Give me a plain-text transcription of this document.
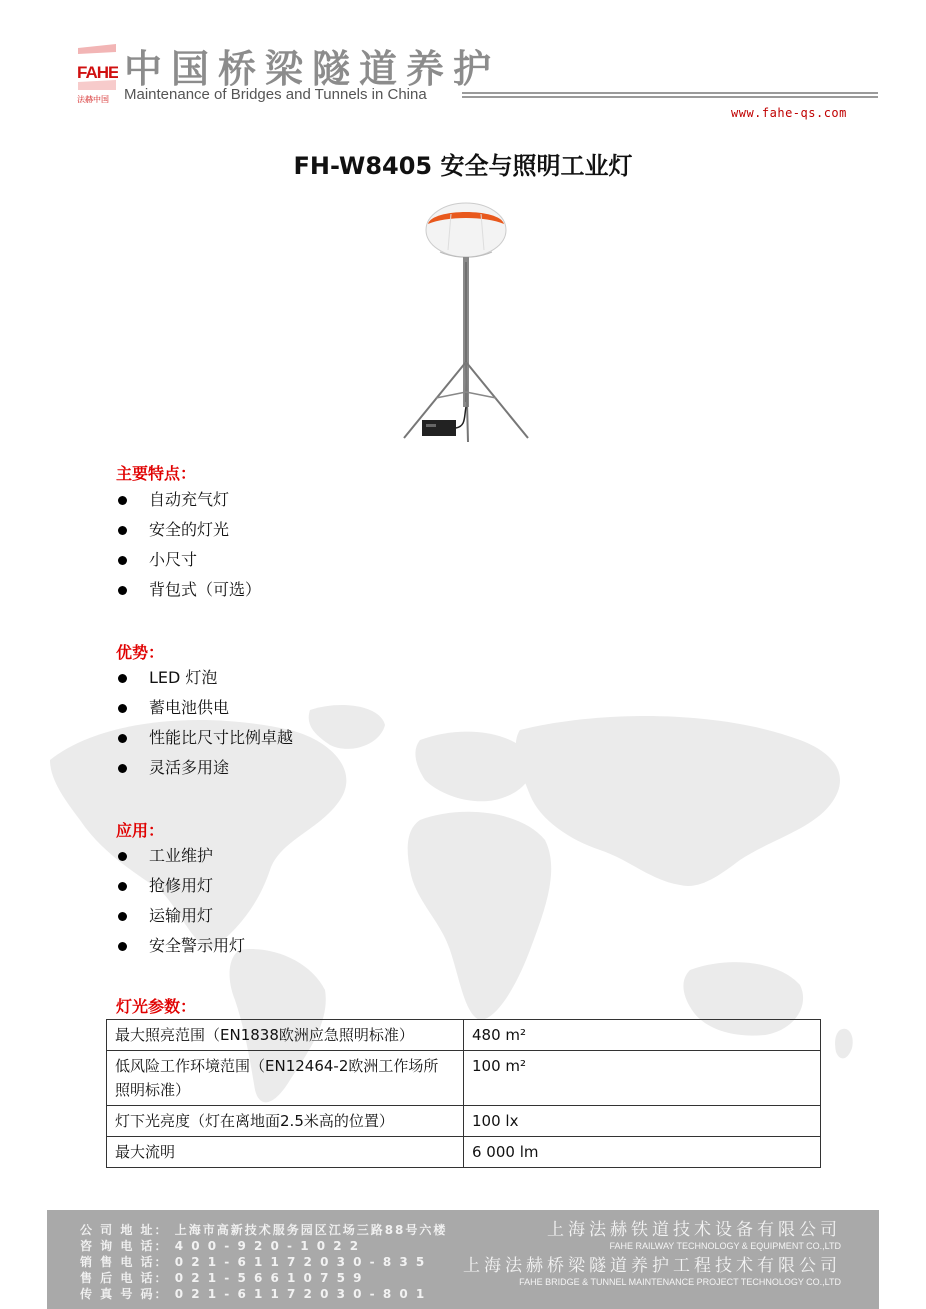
FAHE
法赫中国
中国桥梁隧道养护
Maintenance of Bridges and Tunnels in China
www.fahe-qs.com
FH-W8405 安全与照明工业灯
主要特点：
自动充气灯
安全的灯光
小尺寸
背包式（可选）
优势：
LED 灯泡
蓄电池供电
性能比尺寸比例卓越
灵活多用途
应用：
工业维护
抢修用灯
运输用灯
安全警示用灯
灯光参数：
最大照亮范围（EN1838欧洲应急照明标准）	480 m²
低风险工作环境范围（EN12464-2欧洲工作场所 照明标准）	100 m²
灯下光亮度（灯在离地面2.5米高的位置）	100 lx
最大流明	6 000 lm
公 司 地 址： 上海市高新技术服务园区江场三路88号六楼
咨 询 电 话： 4 0 0 - 9 2 0 - 1 0 2 2
销 售 电 话： 0 2 1 - 6 1 1 7 2 0 3 0 - 8 3 5
售 后 电 话： 0 2 1 - 5 6 6 1 0 7 5 9
传 真 号 码： 0 2 1 - 6 1 1 7 2 0 3 0 - 8 0 1
上海法赫铁道技术设备有限公司
FAHE RAILWAY TECHNOLOGY & EQUIPMENT CO.,LTD
上海法赫桥梁隧道养护工程技术有限公司
FAHE BRIDGE & TUNNEL MAINTENANCE PROJECT TECHNOLOGY CO.,LTD
